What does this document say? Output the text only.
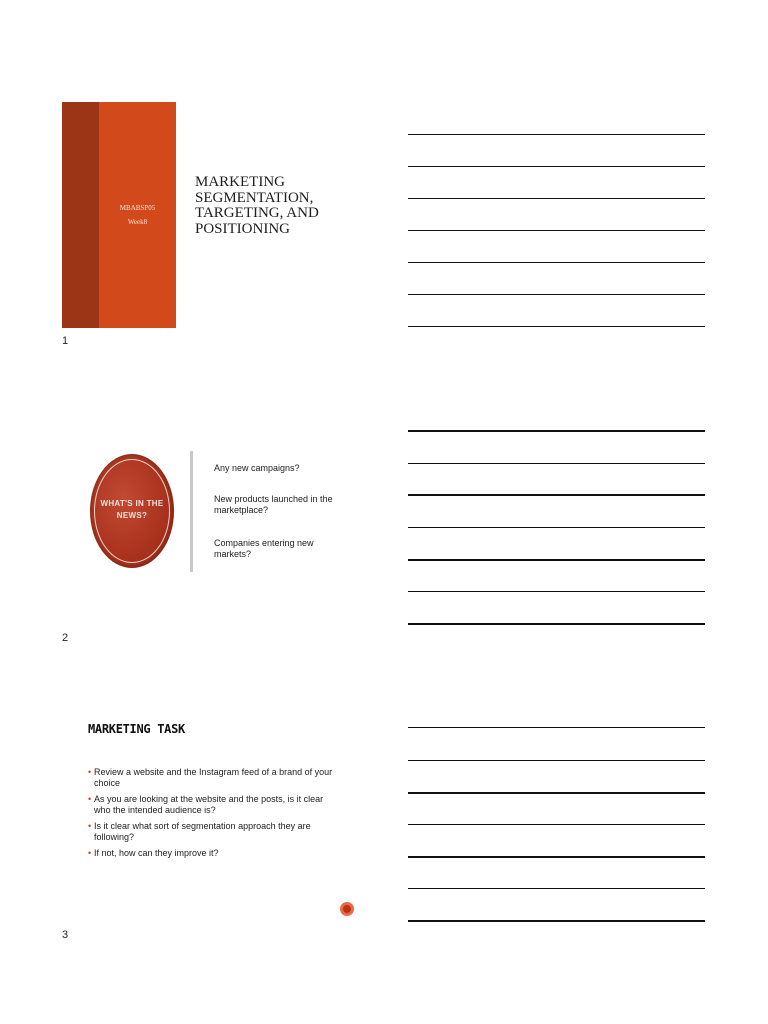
MBABSP05
Week8
MARKETING
SEGMENTATION,
TARGETING, AND
POSITIONING
1
WHAT'S IN THE
NEWS?
Any new campaigns?
New products launched in the marketplace?
Companies entering new markets?
2
MARKETING TASK
• Review a website and the Instagram feed of a brand of your choice
• As you are looking at the website and the posts, is it clear who the intended audience is?
• Is it clear what sort of segmentation approach they are following?
• If not, how can they improve it?
3
